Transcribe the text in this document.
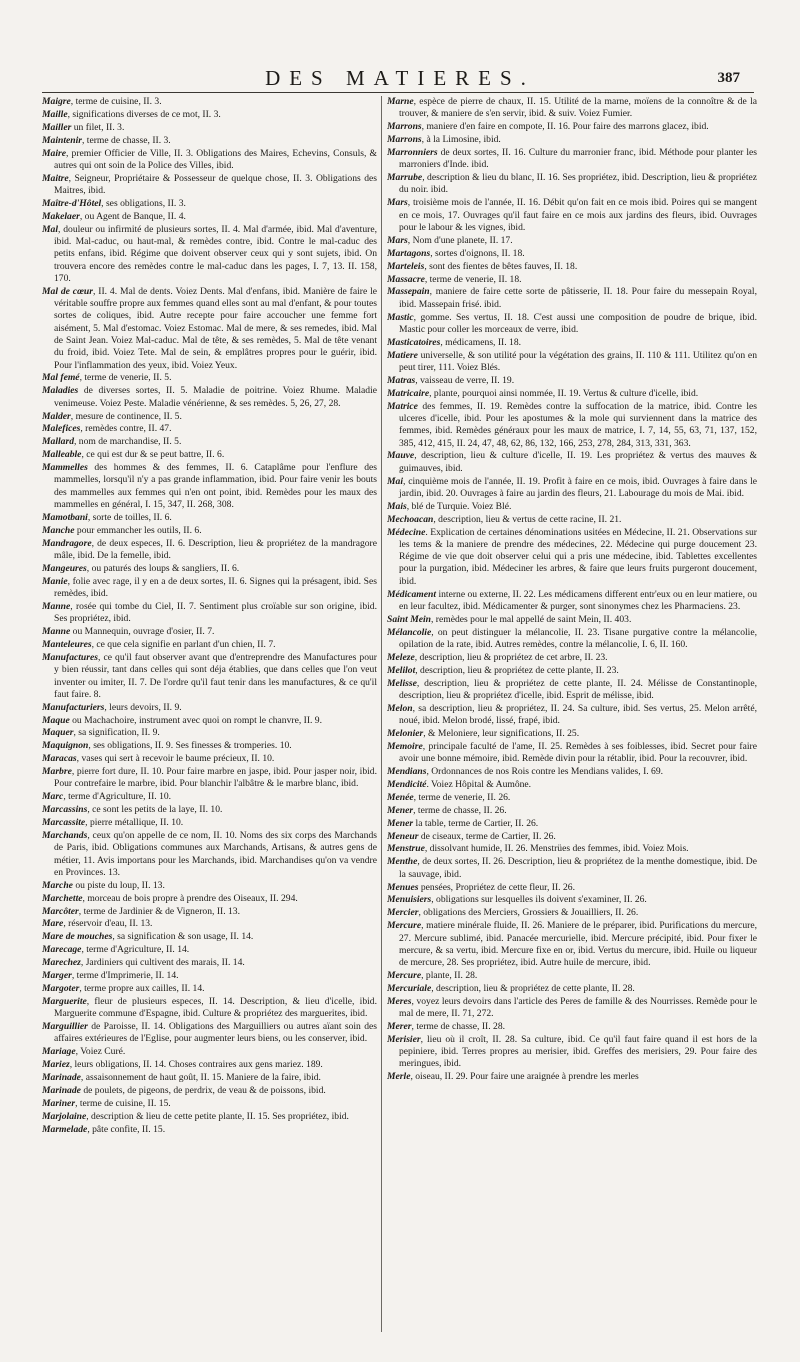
DES MATIERES.	387

Maigre, terme de cuisine, II. 3.

Maille, significations diverses de ce mot, II. 3.

Mailler un filet, II. 3.

Maintenir, terme de chasse, II. 3.

Maire, premier Officier de Ville, II. 3. Obligations des Maires, Echevins, Consuls, & autres qui ont soin de la Police des Villes, ibid.

Maitre, Seigneur, Propriétaire & Possesseur de quelque chose, II. 3. Obligations des Maitres, ibid.

Maître-d'Hôtel, ses obligations, II. 3.

Makelaer, ou Agent de Banque, II. 4.

Mal, douleur ou infirmité de plusieurs sortes, II. 4. Mal d'armée, ibid. Mal d'aventure, ibid. Mal-caduc, ou haut-mal, & remèdes contre, ibid. Contre le mal-caduc des petits enfans, ibid. Régime que doivent observer ceux qui y sont sujets, ibid. On trouvera encore des remèdes contre le mal-caduc dans les pages, I. 7, 13. II. 158, 170.

Mal de cœur, II. 4. Mal de dents. Voiez Dents. Mal d'enfans, ibid. Manière de faire le véritable souffre propre aux femmes quand elles sont au mal d'enfant, & pour toutes sortes de coliques, ibid. Autre recepte pour faire accoucher une femme fort aisément, 5. Mal d'estomac. Voiez Estomac. Mal de mere, & ses remedes, ibid. Mal de Saint Jean. Voiez Mal-caduc. Mal de tête, & ses remèdes, 5. Mal de tête venant du froid, ibid. Voiez Tete. Mal de sein, & emplâtres propres pour le guérir, ibid. Pour l'inflammation des yeux, ibid. Voiez Yeux.

Mal femé, terme de venerie, II. 5.

Maladies de diverses sortes, II. 5. Maladie de poitrine. Voiez Rhume. Maladie venimeuse. Voiez Peste. Maladie vénérienne, & ses remèdes. 5, 26, 27, 28.

Malder, mesure de continence, II. 5.

Malefices, remèdes contre, II. 47.

Mallard, nom de marchandise, II. 5.

Malleable, ce qui est dur & se peut battre, II. 6.

Mammelles des hommes & des femmes, II. 6. Cataplâme pour l'enflure des mammelles, lorsqu'il n'y a pas grande inflammation, ibid. Pour faire venir les bouts des mammelles aux femmes qui n'en ont point, ibid. Remèdes pour les maux des mammelles en général, I. 15, 347, II. 268, 308.

Mamotbani, sorte de toilles, II. 6.

Manche pour emmancher les outils, II. 6.

Mandragore, de deux especes, II. 6. Description, lieu & propriétez de la mandragore mâle, ibid. De la femelle, ibid.

Mangeures, ou paturés des loups & sangliers, II. 6.

Manie, folie avec rage, il y en a de deux sortes, II. 6. Signes qui la présagent, ibid. Ses remèdes, ibid.

Manne, rosée qui tombe du Ciel, II. 7. Sentiment plus croïable sur son origine, ibid. Ses propriétez, ibid.

Manne ou Mannequin, ouvrage d'osier, II. 7.

Manteleures, ce que cela signifie en parlant d'un chien, II. 7.

Manufactures, ce qu'il faut observer avant que d'entreprendre des Manufactures pour y bien réussir, tant dans celles qui sont déja établies, que dans celles que l'on veut inventer ou imiter, II. 7. De l'ordre qu'il faut tenir dans les manufactures, & ce qu'il faut faire. 8.

Manufacturiers, leurs devoirs, II. 9.

Maque ou Machachoire, instrument avec quoi on rompt le chanvre, II. 9.

Maquer, sa signification, II. 9.

Maquignon, ses obligations, II. 9. Ses finesses & tromperies. 10.

Maracas, vases qui sert à recevoir le baume précieux, II. 10.

Marbre, pierre fort dure, II. 10. Pour faire marbre en jaspe, ibid. Pour jasper noir, ibid. Pour contrefaire le marbre, ibid. Pour blanchir l'albâtre & le marbre blanc, ibid.

Marc, terme d'Agriculture, II. 10.

Marcassins, ce sont les petits de la laye, II. 10.

Marcassite, pierre métallique, II. 10.

Marchands, ceux qu'on appelle de ce nom, II. 10. Noms des six corps des Marchands de Paris, ibid. Obligations communes aux Marchands, Artisans, & autres gens de métier, 11. Avis importans pour les Marchands, ibid. Marchandises qu'on va vendre en Provinces. 13.

Marche ou piste du loup, II. 13.

Marchette, morceau de bois propre à prendre des Oiseaux, II. 294.

Marcôter, terme de Jardinier & de Vigneron, II. 13.

Mare, réservoir d'eau, II. 13.

Mare de mouches, sa signification & son usage, II. 14.

Marecage, terme d'Agriculture, II. 14.

Marechez, Jardiniers qui cultivent des marais, II. 14.

Marger, terme d'Imprimerie, II. 14.

Margoter, terme propre aux cailles, II. 14.

Marguerite, fleur de plusieurs especes, II. 14. Description, & lieu d'icelle, ibid. Marguerite commune d'Espagne, ibid. Culture & propriétez des marguerites, ibid.

Marguillier de Paroisse, II. 14. Obligations des Marguilliers ou autres aïant soin des affaires extérieures de l'Eglise, pour augmenter leurs biens, ou les conserver, ibid.

Mariage, Voiez Curé.

Mariez, leurs obligations, II. 14. Choses contraires aux gens mariez. 189.

Marinade, assaisonnement de haut goût, II. 15. Maniere de la faire, ibid.

Marinade de poulets, de pigeons, de perdrix, de veau & de poissons, ibid.

Mariner, terme de cuisine, II. 15.

Marjolaine, description & lieu de cette petite plante, II. 15. Ses propriétez, ibid.

Marmelade, pâte confite, II. 15.

Marne, espèce de pierre de chaux, II. 15. Utilité de la marne, moïens de la connoître & de la trouver, & maniere de s'en servir, ibid. & suiv. Voiez Fumier.

Marrons, maniere d'en faire en compote, II. 16. Pour faire des marrons glacez, ibid.

Marrons, à la Limosine, ibid.

Marronniers de deux sortes, II. 16. Culture du marronier franc, ibid. Méthode pour planter les marroniers d'Inde. ibid.

Marrube, description & lieu du blanc, II. 16. Ses propriétez, ibid. Description, lieu & propriétez du noir. ibid.

Mars, troisième mois de l'année, II. 16. Débit qu'on fait en ce mois ibid. Poires qui se mangent en ce mois, 17. Ouvrages qu'il faut faire en ce mois aux jardins des fleurs, ibid. Ouvrages pour le labour & les vignes, ibid.

Mars, Nom d'une planete, II. 17.

Martagons, sortes d'oignons, II. 18.

Marteleis, sont des fientes de bêtes fauves, II. 18.

Massacre, terme de venerie, II. 18.

Massepain, maniere de faire cette sorte de pâtisserie, II. 18. Pour faire du messepain Royal, ibid. Massepain frisé. ibid.

Mastic, gomme. Ses vertus, II. 18. C'est aussi une composition de poudre de brique, ibid. Mastic pour coller les morceaux de verre, ibid.

Masticatoires, médicamens, II. 18.

Matiere universelle, & son utilité pour la végétation des grains, II. 110 & 111. Utilitez qu'on en peut tirer, 111. Voiez Blés.

Matras, vaisseau de verre, II. 19.

Matricaire, plante, pourquoi ainsi nommée, II. 19. Vertus & culture d'icelle, ibid.

Matrice des femmes, II. 19. Remèdes contre la suffocation de la matrice, ibid. Contre les ulceres d'icelle, ibid. Pour les apostumes & la mole qui surviennent dans la matrice des femmes, ibid. Remèdes généraux pour les maux de matrice, I. 7, 14, 55, 63, 71, 137, 152, 385, 412, 415, II. 24, 47, 48, 62, 86, 132, 166, 253, 278, 284, 313, 331, 363.

Mauve, description, lieu & culture d'icelle, II. 19. Les propriétez & vertus des mauves & guimauves, ibid.

Mai, cinquième mois de l'année, II. 19. Profit à faire en ce mois, ibid. Ouvrages à faire dans le jardin, ibid. 20. Ouvrages à faire au jardin des fleurs, 21. Labourage du mois de Mai. ibid.

Mais, blé de Turquie. Voiez Blé.

Mechoacan, description, lieu & vertus de cette racine, II. 21.

Médecine. Explication de certaines dénominations usitées en Médecine, II. 21. Observations sur les tems & la maniere de prendre des médecines, 22. Médecine qui purge doucement 23. Régime de vie que doit observer celui qui a pris une médecine, ibid. Tablettes excellentes pour la purgation, ibid. Médeciner les arbres, & faire que leurs fruits purgeront doucement, ibid.

Médicament interne ou externe, II. 22. Les médicamens different entr'eux ou en leur matiere, ou en leur facultez, ibid. Médicamenter & purger, sont sinonymes chez les Pharmaciens. 23.

Saint Mein, remèdes pour le mal appellé de saint Mein, II. 403.

Mélancolie, on peut distinguer la mélancolie, II. 23. Tisane purgative contre la mélancolie, opilation de la rate, ibid. Autres remèdes, contre la mélancolie, I. 6, II. 160.

Meleze, description, lieu & propriétez de cet arbre, II. 23.

Melilot, description, lieu & propriétez de cette plante, II. 23.

Melisse, description, lieu & propriétez de cette plante, II. 24. Mélisse de Constantinople, description, lieu & propriétez d'icelle, ibid. Esprit de mélisse, ibid.

Melon, sa description, lieu & propriétez, II. 24. Sa culture, ibid. Ses vertus, 25. Melon arrêté, noué, ibid. Melon brodé, lissé, frapé, ibid.

Melonier, & Meloniere, leur significations, II. 25.

Memoire, principale faculté de l'ame, II. 25. Remèdes à ses foiblesses, ibid. Secret pour faire avoir une bonne mémoire, ibid. Remède divin pour la rétablir, ibid. Pour la recouvrer, ibid.

Mendians, Ordonnances de nos Rois contre les Mendians valides, I. 69.

Mendicité. Voiez Hôpital & Aumône.

Menée, terme de venerie, II. 26.

Mener, terme de chasse, II. 26.

Mener la table, terme de Cartier, II. 26.

Meneur de ciseaux, terme de Cartier, II. 26.

Menstrue, dissolvant humide, II. 26. Menstrües des femmes, ibid. Voiez Mois.

Menthe, de deux sortes, II. 26. Description, lieu & propriétez de la menthe domestique, ibid. De la sauvage, ibid.

Menues pensées, Propriétez de cette fleur, II. 26.

Menuisiers, obligations sur lesquelles ils doivent s'examiner, II. 26.

Mercier, obligations des Merciers, Grossiers & Jouailliers, II. 26.

Mercure, matiere minérale fluide, II. 26. Maniere de le préparer, ibid. Purifications du mercure, 27. Mercure sublimé, ibid. Panacée mercurielle, ibid. Mercure précipité, ibid. Pour fixer le mercure, & sa vertu, ibid. Mercure fixe en or, ibid. Vertus du mercure, ibid. Huile ou liqueur de mercure, 28. Ses propriétez, ibid. Autre huile de mercure, ibid.

Mercure, plante, II. 28.

Mercuriale, description, lieu & propriétez de cette plante, II. 28.

Meres, voyez leurs devoirs dans l'article des Peres de famille & des Nourrisses. Remède pour le mal de mere, II. 71, 272.

Merer, terme de chasse, II. 28.

Merisier, lieu où il croît, II. 28. Sa culture, ibid. Ce qu'il faut faire quand il est hors de la pepiniere, ibid. Terres propres au merisier, ibid. Greffes des merisiers, 29. Pour faire des meringues, ibid.

Merle, oiseau, II. 29. Pour faire une araignée à prendre les merles
